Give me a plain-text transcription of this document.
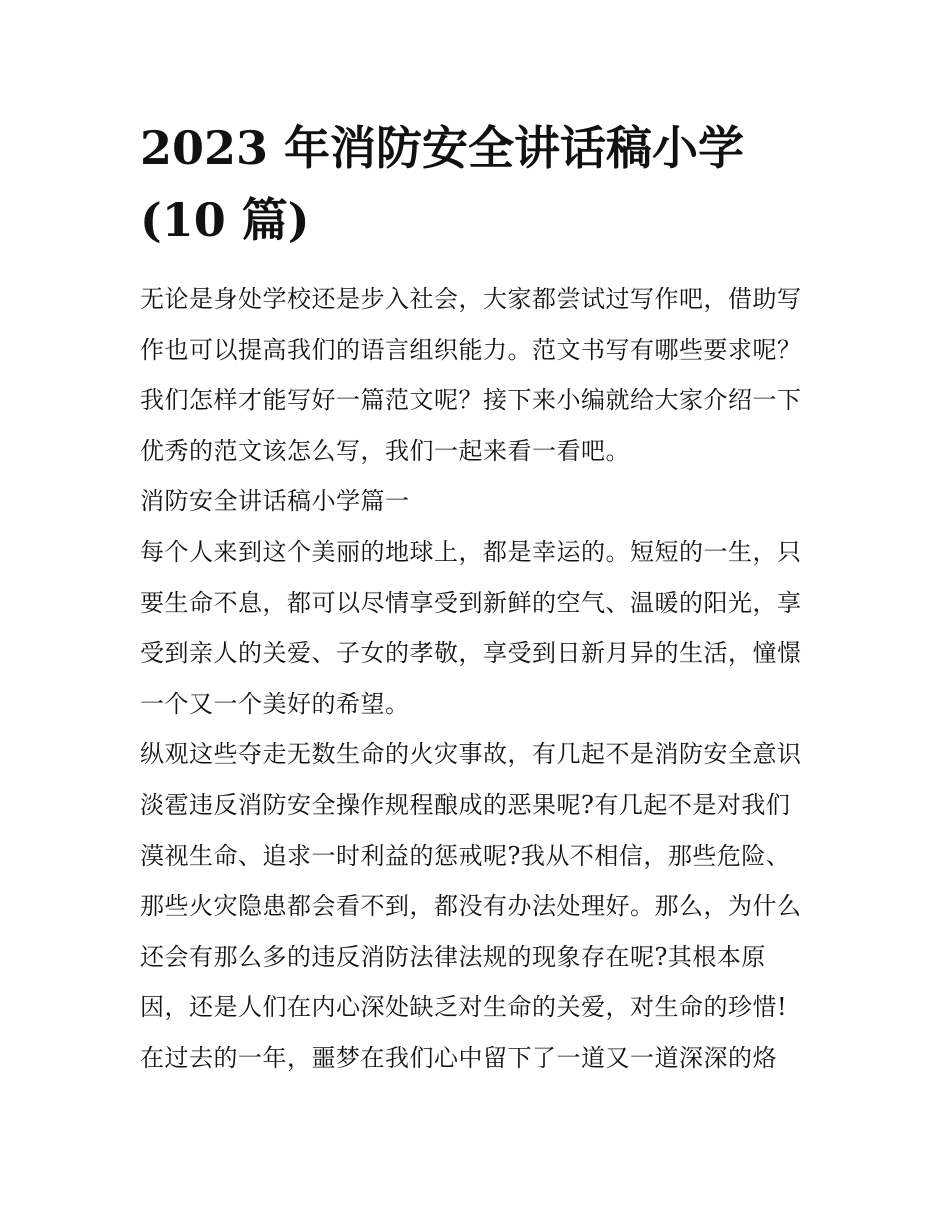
2023 年消防安全讲话稿小学
(10 篇)

无论是身处学校还是步入社会，大家都尝试过写作吧，借助写

作也可以提高我们的语言组织能力。范文书写有哪些要求呢？

我们怎样才能写好一篇范文呢？接下来小编就给大家介绍一下

优秀的范文该怎么写，我们一起来看一看吧。

消防安全讲话稿小学篇一

每个人来到这个美丽的地球上，都是幸运的。短短的一生，只

要生命不息，都可以尽情享受到新鲜的空气、温暖的阳光，享

受到亲人的关爱、子女的孝敬，享受到日新月异的生活，憧憬

一个又一个美好的希望。

纵观这些夺走无数生命的火灾事故，有几起不是消防安全意识

淡雹违反消防安全操作规程酿成的恶果呢?有几起不是对我们

漠视生命、追求一时利益的惩戒呢?我从不相信，那些危险、

那些火灾隐患都会看不到，都没有办法处理好。那么，为什么

还会有那么多的违反消防法律法规的现象存在呢?其根本原

因，还是人们在内心深处缺乏对生命的关爱，对生命的珍惜!

在过去的一年，噩梦在我们心中留下了一道又一道深深的烙
